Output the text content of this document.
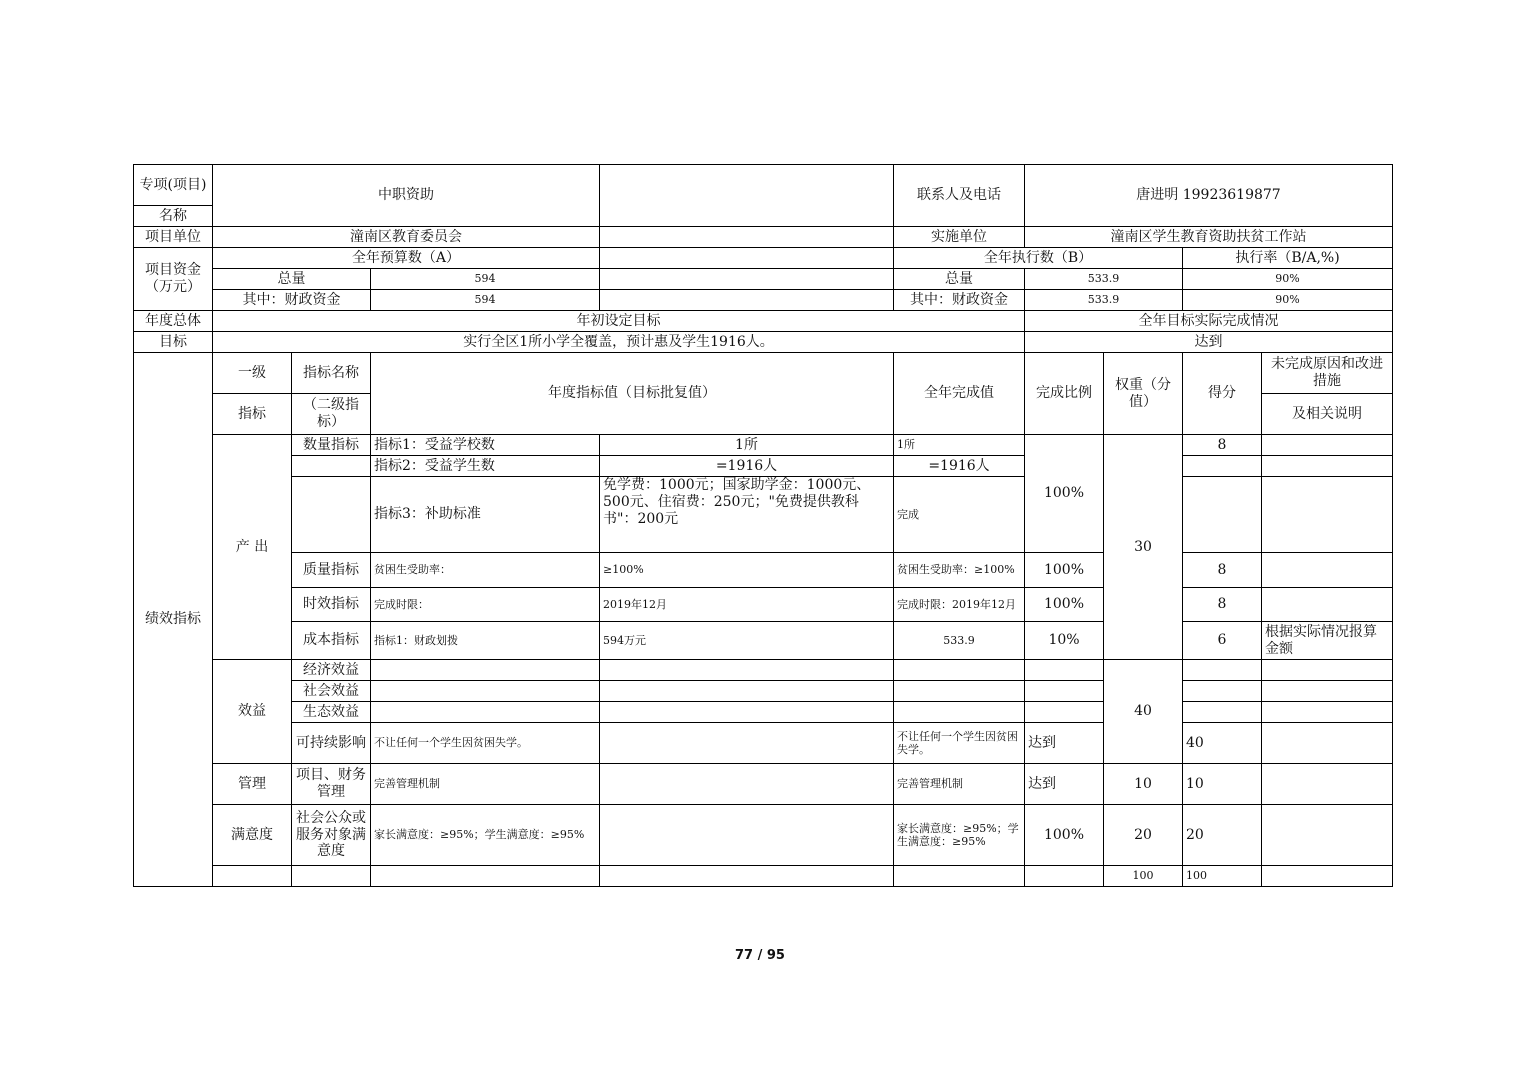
专项(项目)	中职资助				联系人及电话	唐进明 19923619877			
名称									
项目单位	潼南区教育委员会				实施单位	潼南区学生教育资助扶贫工作站			
项目资金（万元）	全年预算数（A）				全年执行数（B）			执行率（B/A,%)	
	总量		594		总量	533.9		90%	
	其中：财政资金		594		其中：财政资金	533.9		90%	
年度总体	年初设定目标					全年目标实际完成情况			
目标	实行全区1所小学全覆盖，预计惠及学生1916人。					达到			
绩效指标	一级	指标名称	年度指标值（目标批复值）		全年完成值	完成比例	权重（分值）	得分	未完成原因和改进措施
	指标	（二级指标）							及相关说明
	产 出	数量指标	指标1：受益学校数	1所	1所	100%	30	8	
			指标2：受益学生数	=1916人	=1916人				
			指标3：补助标准	免学费：1000元；国家助学金：1000元、500元、住宿费：250元；"免费提供教科书"：200元	完成				
		质量指标	贫困生受助率：	≥100%	贫困生受助率：≥100%	100%		8	
		时效指标	完成时限：	2019年12月	完成时限：2019年12月	100%		8	
		成本指标	指标1：财政划拨	594万元	533.9	10%		6	根据实际情况报算金额
	效益	经济效益					40		
		社会效益							
		生态效益							
		可持续影响	不让任何一个学生因贫困失学。		不让任何一个学生因贫困失学。	达到		40	
	管理	项目、财务管理	完善管理机制		完善管理机制	达到	10	10	
	满意度	社会公众或服务对象满意度	家长满意度：≥95%；学生满意度：≥95%		家长满意度：≥95%；学生满意度：≥95%	100%	20	20	
							100	100	
77 / 95
